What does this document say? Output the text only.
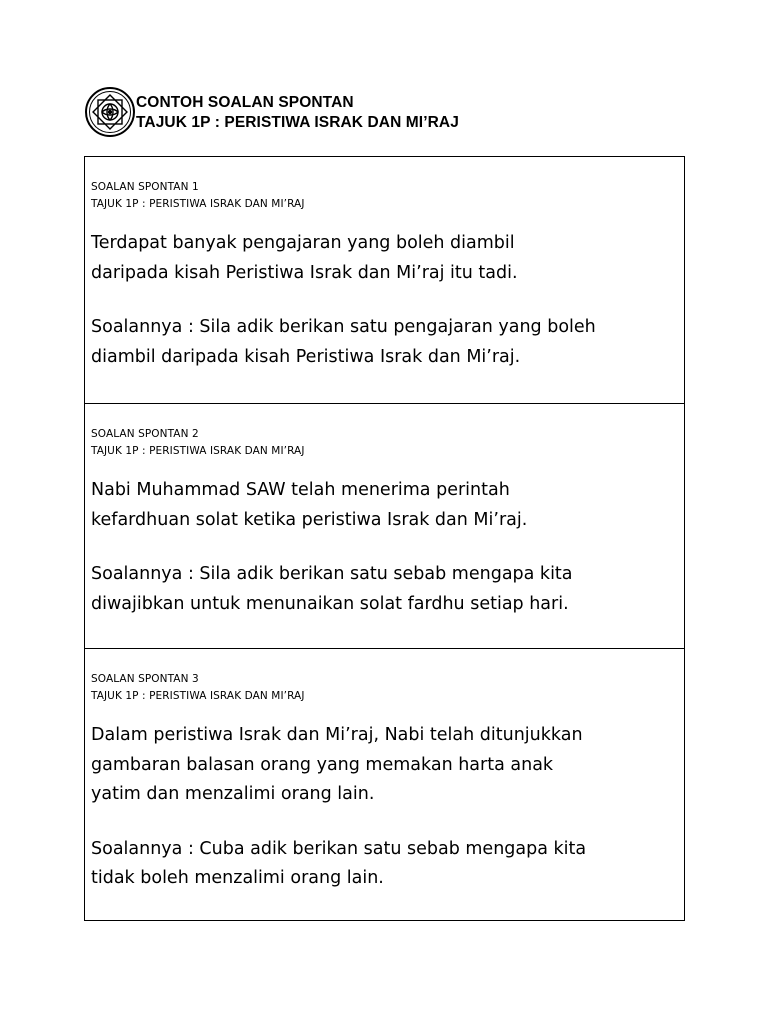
CONTOH SOALAN SPONTAN
TAJUK 1P : PERISTIWA ISRAK DAN MI’RAJ
SOALAN SPONTAN 1
TAJUK 1P : PERISTIWA ISRAK DAN MI’RAJ
Terdapat banyak pengajaran yang boleh diambil
daripada kisah Peristiwa Israk dan Mi’raj itu tadi.
Soalannya : Sila adik berikan satu pengajaran yang boleh
diambil daripada kisah Peristiwa Israk dan Mi’raj.
SOALAN SPONTAN 2
TAJUK 1P : PERISTIWA ISRAK DAN MI’RAJ
Nabi Muhammad SAW telah menerima perintah
kefardhuan solat ketika peristiwa Israk dan Mi’raj.
Soalannya : Sila adik berikan satu sebab mengapa kita
diwajibkan untuk menunaikan solat fardhu setiap hari.
SOALAN SPONTAN 3
TAJUK 1P : PERISTIWA ISRAK DAN MI’RAJ
Dalam peristiwa Israk dan Mi’raj, Nabi telah ditunjukkan
gambaran balasan orang yang memakan harta anak
yatim dan menzalimi orang lain.
Soalannya : Cuba adik berikan satu sebab mengapa kita
tidak boleh menzalimi orang lain.
